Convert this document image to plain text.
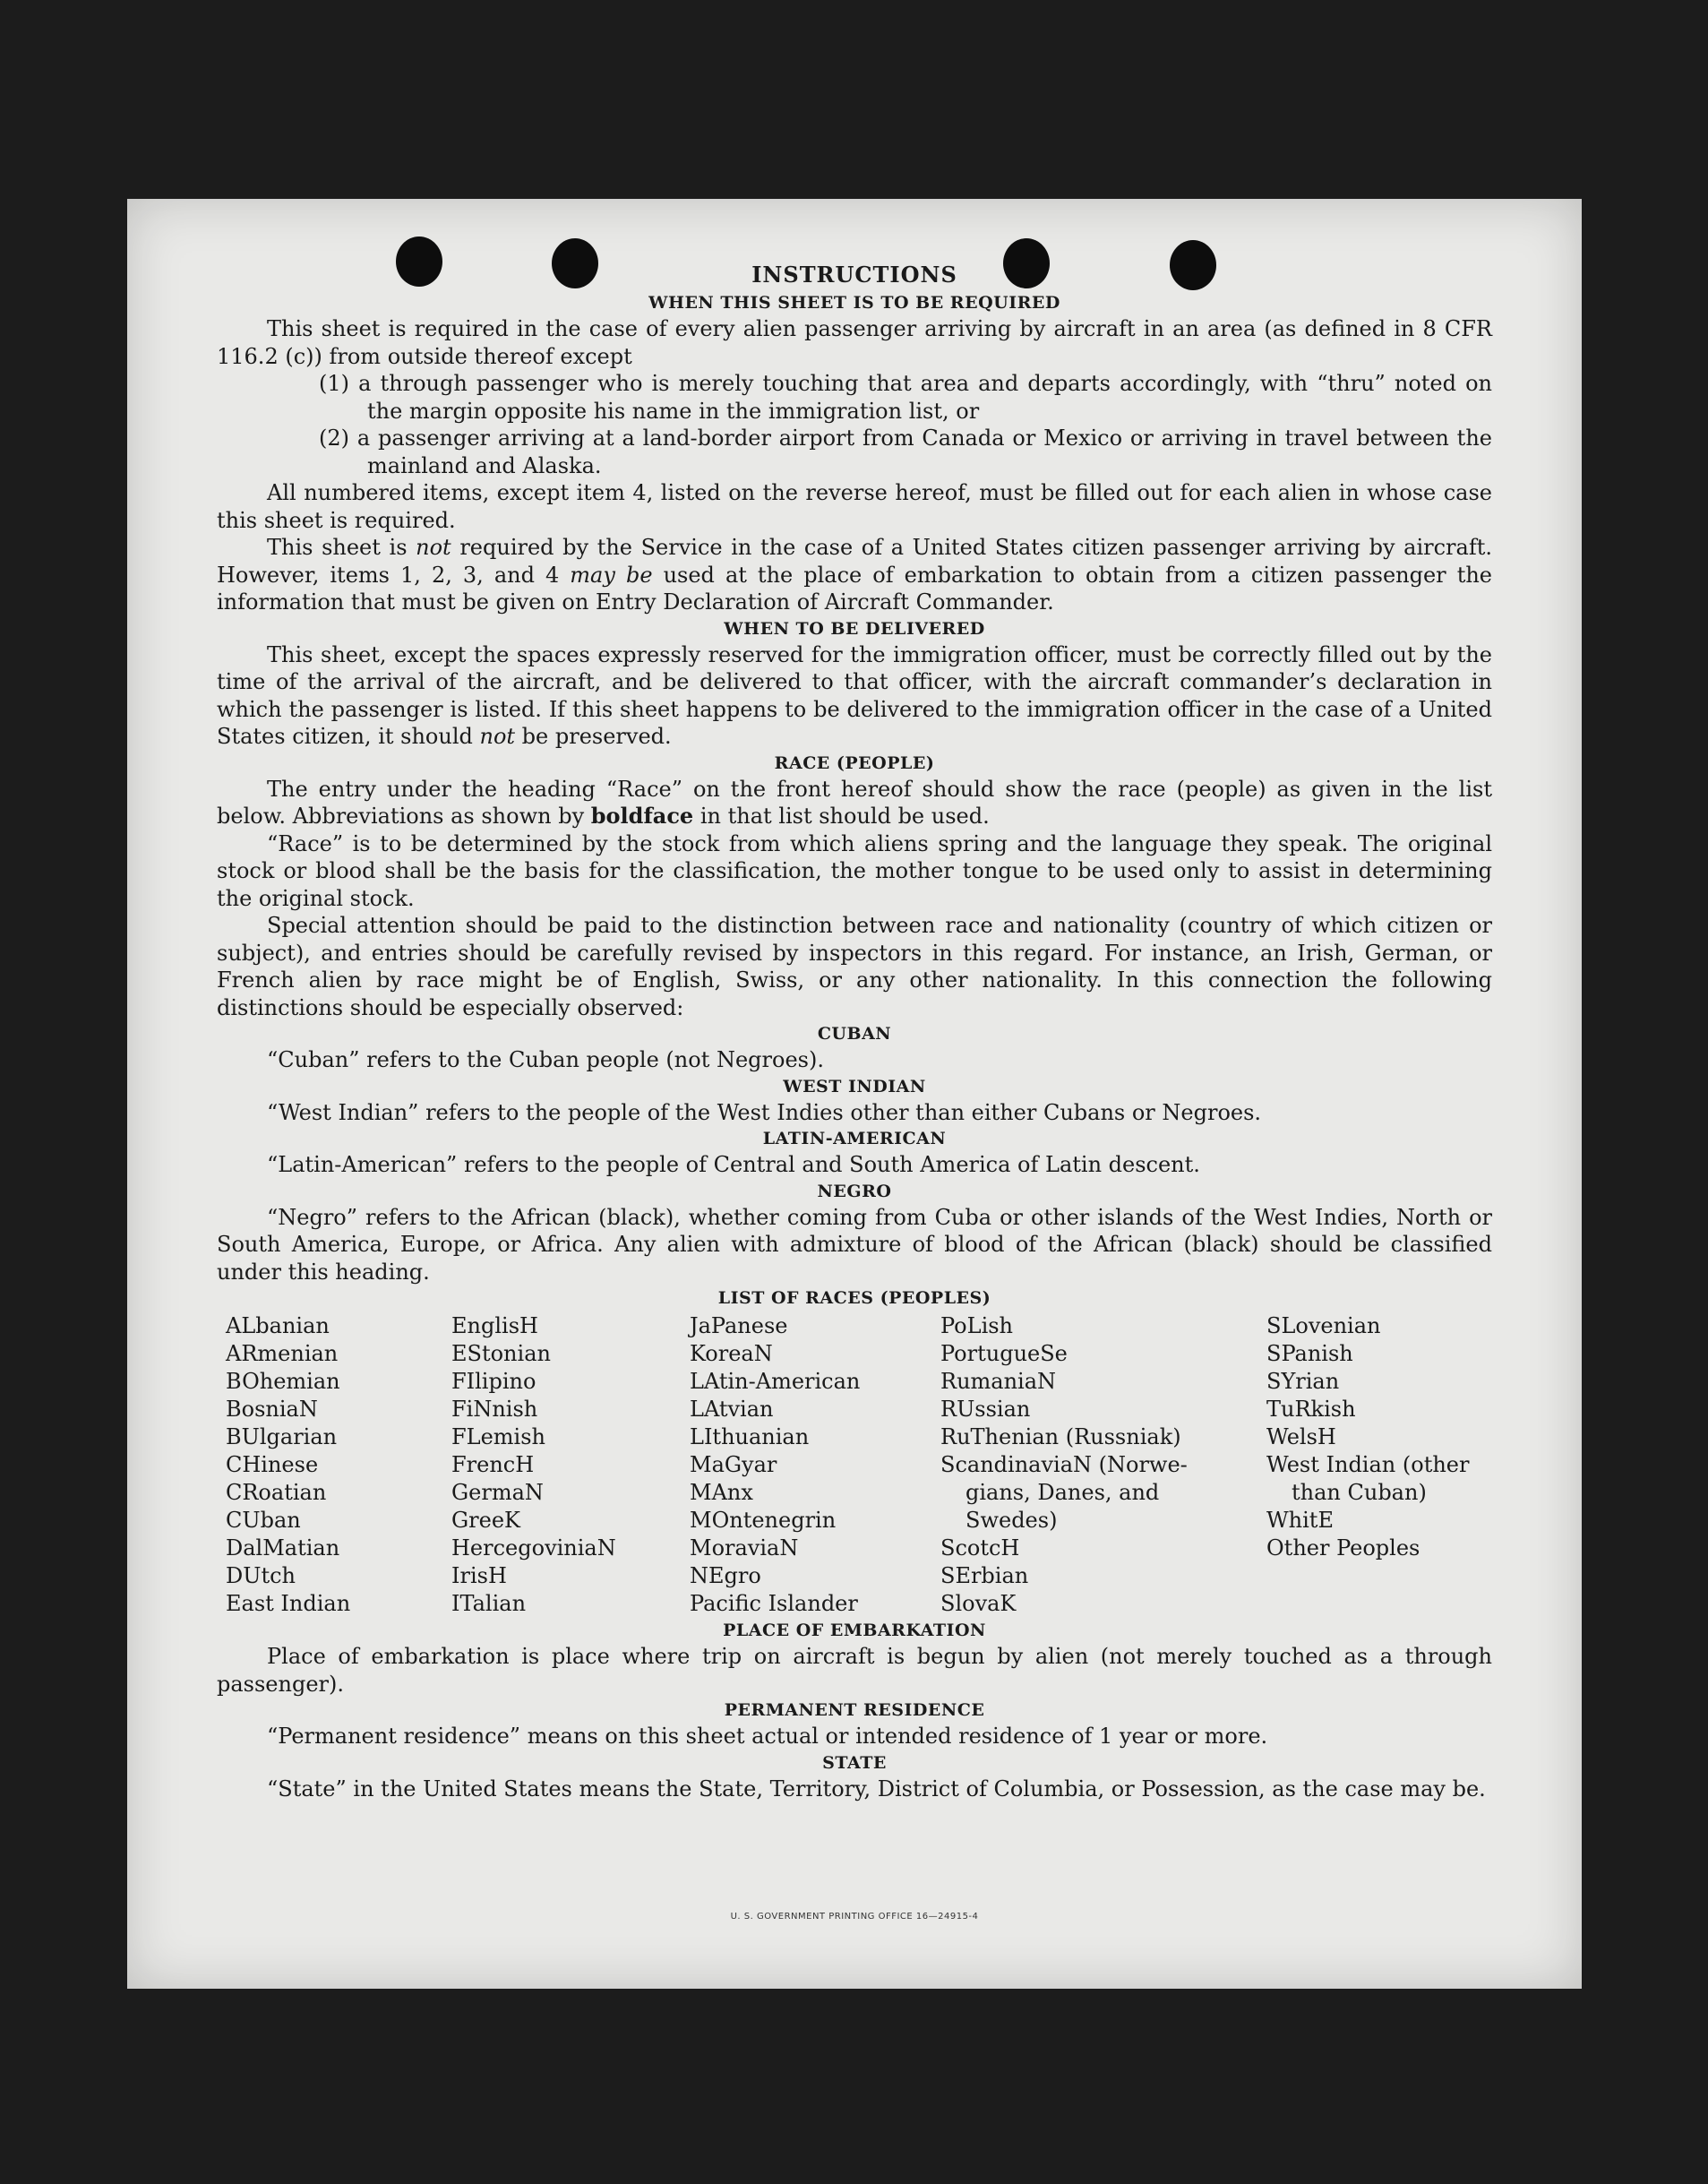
INSTRUCTIONS

WHEN THIS SHEET IS TO BE REQUIRED

This sheet is required in the case of every alien passenger arriving by aircraft in an area (as defined in 8 CFR 116.2 (c)) from outside thereof except

(1) a through passenger who is merely touching that area and departs accordingly, with “thru” noted on the margin opposite his name in the immigration list, or

(2) a passenger arriving at a land-border airport from Canada or Mexico or arriving in travel between the mainland and Alaska.

All numbered items, except item 4, listed on the reverse hereof, must be filled out for each alien in whose case this sheet is required.

This sheet is not required by the Service in the case of a United States citizen passenger arriving by aircraft. However, items 1, 2, 3, and 4 may be used at the place of embarkation to obtain from a citizen passenger the information that must be given on Entry Declaration of Aircraft Commander.

WHEN TO BE DELIVERED

This sheet, except the spaces expressly reserved for the immigration officer, must be correctly filled out by the time of the arrival of the aircraft, and be delivered to that officer, with the aircraft commander’s declaration in which the passenger is listed. If this sheet happens to be delivered to the immigration officer in the case of a United States citizen, it should not be preserved.

RACE (PEOPLE)

The entry under the heading “Race” on the front hereof should show the race (people) as given in the list below. Abbreviations as shown by boldface in that list should be used.

“Race” is to be determined by the stock from which aliens spring and the language they speak. The original stock or blood shall be the basis for the classification, the mother tongue to be used only to assist in determining the original stock.

Special attention should be paid to the distinction between race and nationality (country of which citizen or subject), and entries should be carefully revised by inspectors in this regard. For instance, an Irish, German, or French alien by race might be of English, Swiss, or any other nationality. In this connection the following distinctions should be especially observed:

CUBAN

“Cuban” refers to the Cuban people (not Negroes).

WEST INDIAN

“West Indian” refers to the people of the West Indies other than either Cubans or Negroes.

LATIN-AMERICAN

“Latin-American” refers to the people of Central and South America of Latin descent.

NEGRO

“Negro” refers to the African (black), whether coming from Cuba or other islands of the West Indies, North or South America, Europe, or Africa. Any alien with admixture of blood of the African (black) should be classified under this heading.

LIST OF RACES (PEOPLES)

ALbanian
ARmenian
BOhemian
BosniaN
BUlgarian
CHinese
CRoatian
CUban
DalMatian
DUtch
East Indian
EnglisH
EStonian
FIlipino
FiNnish
FLemish
FrencH
GermaN
GreeK
HercegoviniaN
IrisH
ITalian
JaPanese
KoreaN
LAtin-American
LAtvian
LIthuanian
MaGyar
MAnx
MOntenegrin
MoraviaN
NEgro
Pacific Islander
PoLish
PortugueSe
RumaniaN
RUssian
RuThenian (Russniak)
ScandinaviaN (Norwe-
gians, Danes, and
Swedes)
ScotcH
SErbian
SlovaK
SLovenian
SPanish
SYrian
TuRkish
WelsH
West Indian (other
than Cuban)
WhitE
Other Peoples

PLACE OF EMBARKATION

Place of embarkation is place where trip on aircraft is begun by alien (not merely touched as a through passenger).

PERMANENT RESIDENCE

“Permanent residence” means on this sheet actual or intended residence of 1 year or more.

STATE

“State” in the United States means the State, Territory, District of Columbia, or Possession, as the case may be.

U. S. GOVERNMENT PRINTING OFFICE 16—24915-4
